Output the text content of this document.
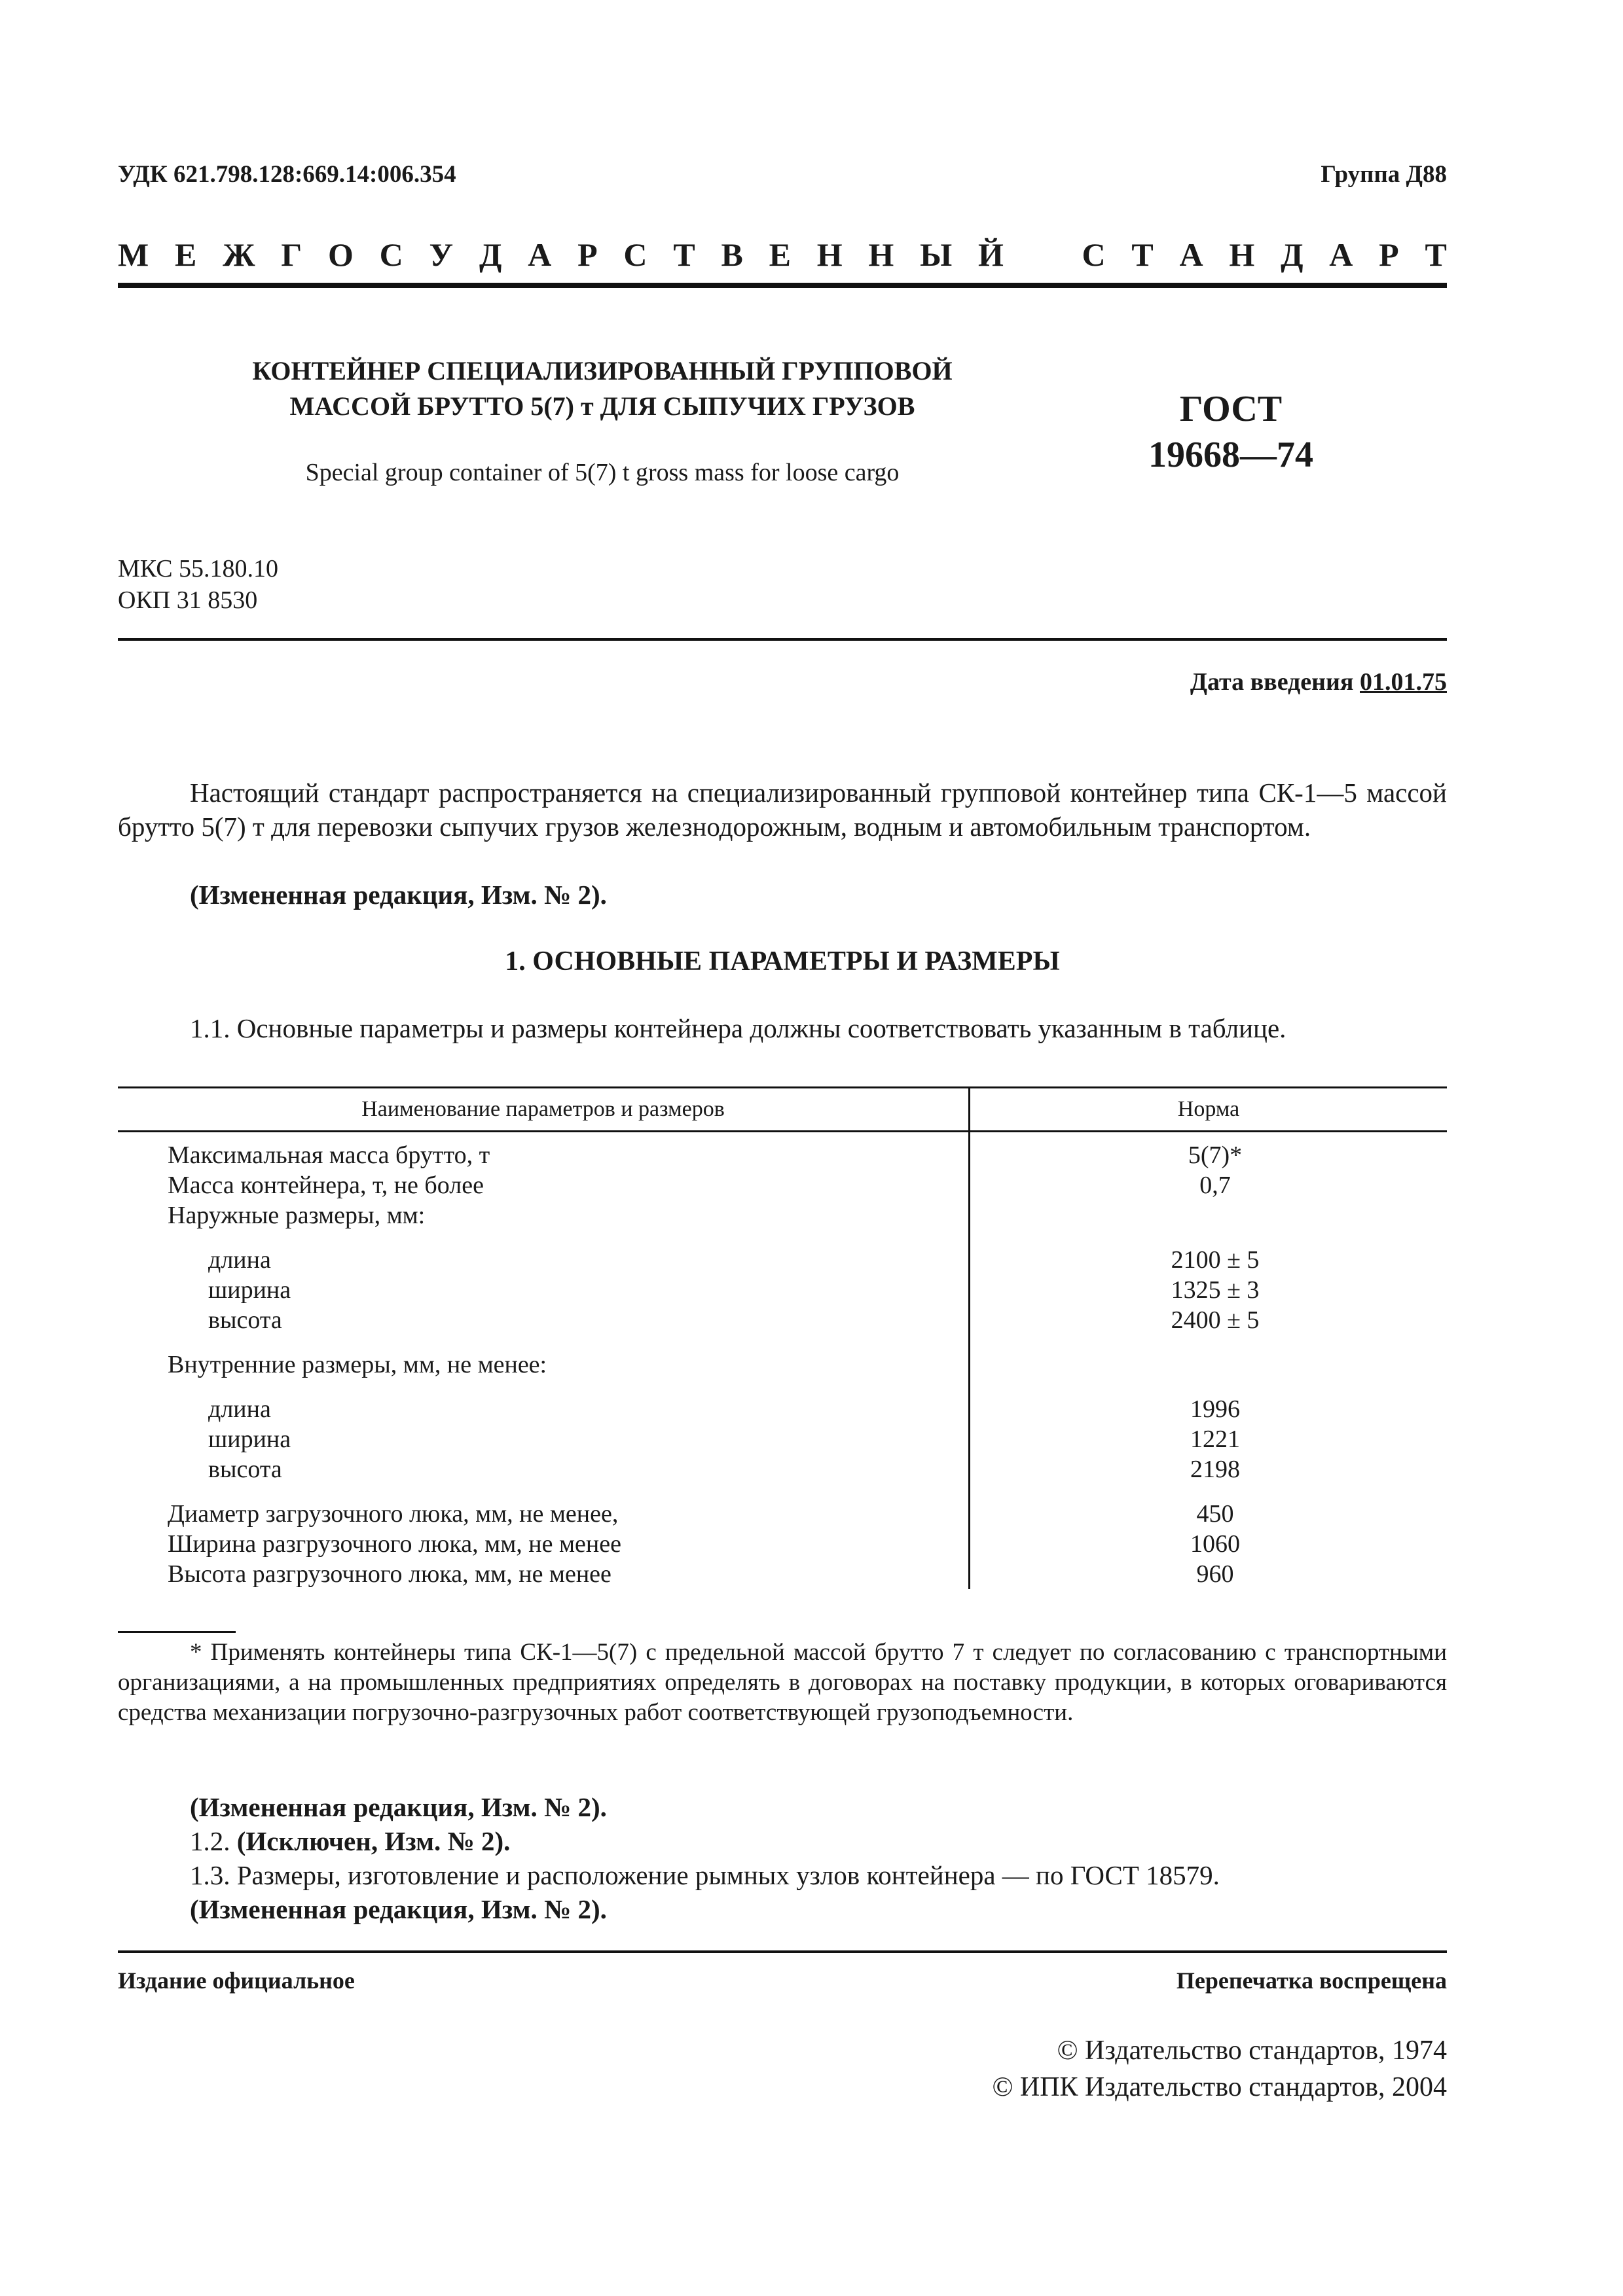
УДК 621.798.128:669.14:006.354	Группа Д88
М Е Ж Г О С У Д А Р С Т В Е Н Н Ы Й С Т А Н Д А Р Т
КОНТЕЙНЕР СПЕЦИАЛИЗИРОВАННЫЙ ГРУППОВОЙ
МАССОЙ БРУТТО 5(7) т ДЛЯ СЫПУЧИХ ГРУЗОВ
Special group container of 5(7) t gross mass for loose cargo
ГОСТ
19668—74
МКС 55.180.10
ОКП 31 8530
Дата введения 01.01.75
Настоящий стандарт распространяется на специализированный групповой контейнер типа СК-1—5 массой брутто 5(7) т для перевозки сыпучих грузов железнодорожным, водным и автомобильным транспортом.
(Измененная редакция, Изм. № 2).
1. ОСНОВНЫЕ ПАРАМЕТРЫ И РАЗМЕРЫ
1.1. Основные параметры и размеры контейнера должны соответствовать указанным в таблице.
Наименование параметров и размеров	Норма
Максимальная масса брутто, т	5(7)*
Масса контейнера, т, не более	0,7
Наружные размеры, мм:	
длина	2100 ± 5
ширина	1325 ± 3
высота	2400 ± 5
Внутренние размеры, мм, не менее:	
длина	1996
ширина	1221
высота	2198
Диаметр загрузочного люка, мм, не менее,	450
Ширина разгрузочного люка, мм, не менее	1060
Высота разгрузочного люка, мм, не менее	960
* Применять контейнеры типа СК-1—5(7) с предельной массой брутто 7 т следует по согласованию с транспортными организациями, а на промышленных предприятиях определять в договорах на поставку продукции, в которых оговариваются средства механизации погрузочно-разгрузочных работ соответствующей грузоподъемности.
(Измененная редакция, Изм. № 2).
1.2. (Исключен, Изм. № 2).
1.3. Размеры, изготовление и расположение рымных узлов контейнера — по ГОСТ 18579.
(Измененная редакция, Изм. № 2).
Издание официальное	Перепечатка воспрещена
© Издательство стандартов, 1974
© ИПК Издательство стандартов, 2004
